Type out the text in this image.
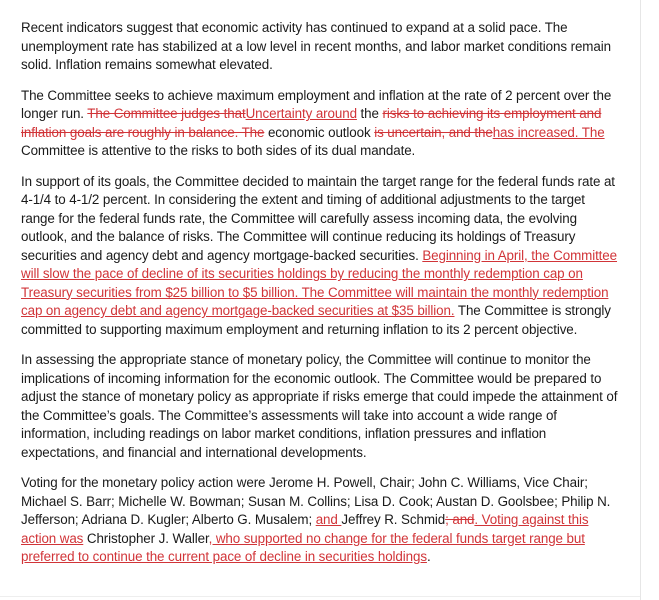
Recent indicators suggest that economic activity has continued to expand at a solid pace. The unemployment rate has stabilized at a low level in recent months, and labor market conditions remain solid. Inflation remains somewhat elevated.

The Committee seeks to achieve maximum employment and inflation at the rate of 2 percent over the longer run. The Committee judges thatUncertainty around the risks to achieving its employment and inflation goals are roughly in balance. The economic outlook is uncertain, and thehas increased. The Committee is attentive to the risks to both sides of its dual mandate.

In support of its goals, the Committee decided to maintain the target range for the federal funds rate at 4-1/4 to 4-1/2 percent. In considering the extent and timing of additional adjustments to the target range for the federal funds rate, the Committee will carefully assess incoming data, the evolving outlook, and the balance of risks. The Committee will continue reducing its holdings of Treasury securities and agency debt and agency mortgage-backed securities. Beginning in April, the Committee will slow the pace of decline of its securities holdings by reducing the monthly redemption cap on Treasury securities from $25 billion to $5 billion. The Committee will maintain the monthly redemption cap on agency debt and agency mortgage-backed securities at $35 billion. The Committee is strongly committed to supporting maximum employment and returning inflation to its 2 percent objective.

In assessing the appropriate stance of monetary policy, the Committee will continue to monitor the implications of incoming information for the economic outlook. The Committee would be prepared to adjust the stance of monetary policy as appropriate if risks emerge that could impede the attainment of the Committee’s goals. The Committee’s assessments will take into account a wide range of information, including readings on labor market conditions, inflation pressures and inflation expectations, and financial and international developments.

Voting for the monetary policy action were Jerome H. Powell, Chair; John C. Williams, Vice Chair; Michael S. Barr; Michelle W. Bowman; Susan M. Collins; Lisa D. Cook; Austan D. Goolsbee; Philip N. Jefferson; Adriana D. Kugler; Alberto G. Musalem; and Jeffrey R. Schmid; and. Voting against this action was Christopher J. Waller, who supported no change for the federal funds target range but preferred to continue the current pace of decline in securities holdings.
